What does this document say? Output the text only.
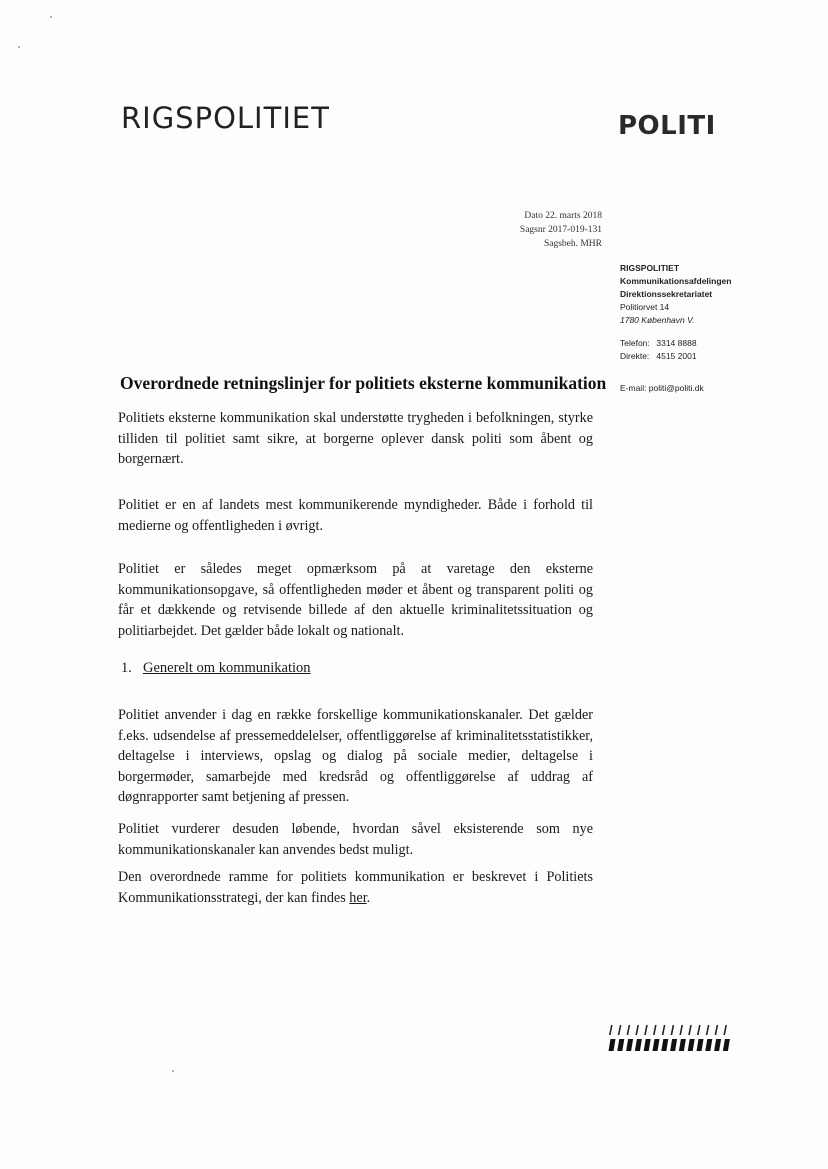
RIGSPOLITIET	POLITI
Dato 22. marts 2018
Sagsnr 2017-019-131
Sagsbeh. MHR
RIGSPOLITIET
Kommunikationsafdelingen
Direktionssekretariatet
Politiorvet 14
1780 København V.
Telefon: 3314 8888
Direkte: 4515 2001
Overordnede retningslinjer for politiets eksterne kommunikation E-mail: politi@politi.dk
Politiets eksterne kommunikation skal understøtte trygheden i befolkningen, styrke tilliden til politiet samt sikre, at borgerne oplever dansk politi som åbent og borgernært.
Politiet er en af landets mest kommunikerende myndigheder. Både i forhold til medierne og offentligheden i øvrigt.
Politiet er således meget opmærksom på at varetage den eksterne kommunikationsopgave, så offentligheden møder et åbent og transparent politi og får et dækkende og retvisende billede af den aktuelle kriminalitetssituation og politiarbejdet. Det gælder både lokalt og nationalt.
1. Generelt om kommunikation
Politiet anvender i dag en række forskellige kommunikationskanaler. Det gælder f.eks. udsendelse af pressemeddelelser, offentliggørelse af kriminalitetsstatistikker, deltagelse i interviews, opslag og dialog på sociale medier, deltagelse i borgermøder, samarbejde med kredsråd og offentliggørelse af uddrag af døgnrapporter samt betjening af pressen.
Politiet vurderer desuden løbende, hvordan såvel eksisterende som nye kommunikationskanaler kan anvendes bedst muligt.
Den overordnede ramme for politiets kommunikation er beskrevet i Politiets Kommunikationsstrategi, der kan findes her.
